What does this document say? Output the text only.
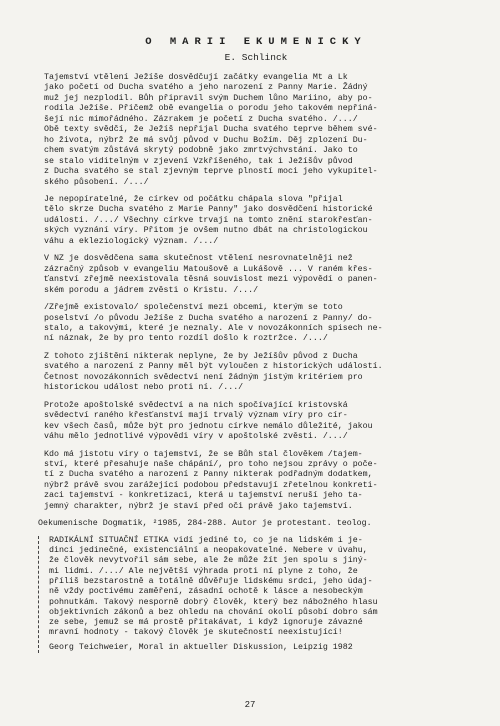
O MARII EKUMENICKY
E. Schlinck

Tajemství vtělení Ježíše dosvědčují začátky evangelia Mt a Lk
jako početí od Ducha svatého a jeho narození z Panny Marie. Žádný
muž jej nezplodil. Bůh připravil svým Duchem lůno Mariino, aby po-
rodila Ježíše. Přičemž obě evangelia o porodu jeho takovém nepřiná-
šejí nic mimořádného. Zázrakem je početí z Ducha svatého. /.../
Obě texty svědčí, že Ježíš nepřijal Ducha svatého teprve během své-
ho života, nýbrž že má svůj původ v Duchu Božím. Děj zplození Du-
chem svatým zůstává skrytý podobně jako zmrtvýchvstání. Jako to
se stalo viditelným v zjevení Vzkříšeného, tak i Ježíšův původ
z Ducha svatého se stal zjevným teprve plností moci jeho vykupitel-
ského působení. /.../

Je nepopíratelné, že církev od počátku chápala slova "přijal
tělo skrze Ducha svatého z Marie Panny" jako dosvědčení historické
události. /.../ Všechny církve trvají na tomto znění starokřesťan-
ských vyznání víry. Přitom je ovšem nutno dbát na christologickou
váhu a ekleziologický význam. /.../

V NZ je dosvědčena sama skutečnost vtělení nesrovnatelněji než
zázračný způsob v evangeliu Matoušově a Lukášově ... V raném křes-
ťanství zřejmě neexistovala těsná souvislost mezi výpovědí o panen-
ském porodu a jádrem zvěsti o Kristu. /.../

/Zřejmě existovalo/ společenství mezi obcemi, kterým se toto
poselství /o původu Ježíše z Ducha svatého a narození z Panny/ do-
stalo, a takovými, které je neznaly. Ale v novozákonních spisech ne-
ní náznak, že by pro tento rozdíl došlo k roztržce. /.../

Z tohoto zjištění nikterak neplyne, že by Ježíšův původ z Ducha
svatého a narození z Panny měl být vyloučen z historických událostí.
Četnost novozákonních svědectví není žádným jistým kritériem pro
historickou událost nebo proti ní. /.../

Protože apoštolské svědectví a na nich spočívající kristovská
svědectví raného křesťanství mají trvalý význam víry pro cír-
kev všech časů, může být pro jednotu církve nemálo důležité, jakou
váhu mělo jednotlivé výpovědi víry v apoštolské zvěsti. /.../

Kdo má jistotu víry o tajemství, že se Bůh stal člověkem /tajem-
ství, které přesahuje naše chápání/, pro toho nejsou zprávy o poče-
tí z Ducha svatého a narození z Panny nikterak podřadným dodatkem,
nýbrž právě svou zarážející podobou představují zřetelnou konkreti-
zaci tajemství - konkretizaci, která u tajemství neruší jeho ta-
jemný charakter, nýbrž je staví před oči právě jako tajemství.

Oekumenische Dogmatik, ²1985, 284-288. Autor je protestant. teolog.
RADIKÁLNÍ SITUAČNÍ ETIKA vidí jediné to, co je na lidském i je-
dinci jedinečné, existenciální a neopakovatelné. Nebere v úvahu,
že člověk nevytvořil sám sebe, ale že může žít jen spolu s jiný-
mi lidmi. /.../ Ale největší výhrada proti ní plyne z toho, že
příliš bezstarostně a totálně důvěřuje lidskému srdci, jeho údaj-
ně vždy poctivému zaměření, zásadní ochotě k lásce a nesobeckým
pohnutkám. Takový nesporně dobrý člověk, který bez nábožného hlasu
objektivních zákonů a bez ohledu na chování okolí působí dobro sám
ze sebe, jemuž se má prostě přitakávat, i když ignoruje závazné
mravní hodnoty - takový člověk je skutečností neexistující!
Georg Teichweier, Moral in aktueller Diskussion, Leipzig 1982
27
